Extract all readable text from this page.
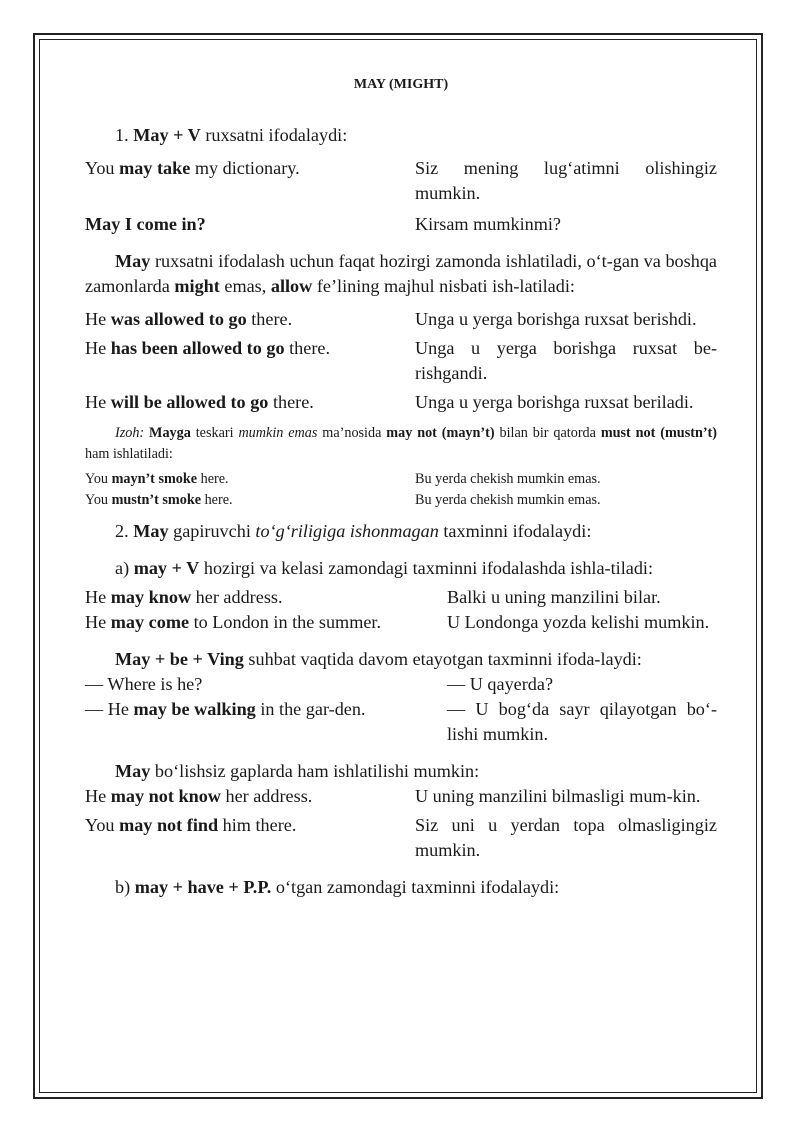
MAY (MIGHT)

1. May + V ruxsatni ifodalaydi:

You may take my dictionary.	Siz mening lug‘atimni olishingiz mumkin.
May I come in?	Kirsam mumkinmi?

May ruxsatni ifodalash uchun faqat hozirgi zamonda ishlatiladi, o‘t-gan va boshqa zamonlarda might emas, allow fe’lining majhul nisbati ish-latiladi:

He was allowed to go there.	Unga u yerga borishga ruxsat berishdi.
He has been allowed to go there.	Unga u yerga borishga ruxsat be-rishgandi.
He will be allowed to go there.	Unga u yerga borishga ruxsat beriladi.

Izoh: Mayga teskari mumkin emas ma’nosida may not (mayn’t) bilan bir qatorda must not (mustn’t) ham ishlatiladi:

You mayn’t smoke here.	Bu yerda chekish mumkin emas.
You mustn’t smoke here.	Bu yerda chekish mumkin emas.

2. May gapiruvchi to‘g‘riligiga ishonmagan taxminni ifodalaydi:

a) may + V hozirgi va kelasi zamondagi taxminni ifodalashda ishla-tiladi:

He may know her address.	Balki u uning manzilini bilar.
He may come to London in the summer.	U Londonga yozda kelishi mumkin.

May + be + Ving suhbat vaqtida davom etayotgan taxminni ifoda-laydi:

— Where is he?	— U qayerda?
— He may be walking in the gar-den.	— U bog‘da sayr qilayotgan bo‘-lishi mumkin.

May bo‘lishsiz gaplarda ham ishlatilishi mumkin:

He may not know her address.	U uning manzilini bilmasligi mum-kin.
You may not find him there.	Siz uni u yerdan topa olmasligingiz mumkin.

b) may + have + P.P. o‘tgan zamondagi taxminni ifodalaydi:
